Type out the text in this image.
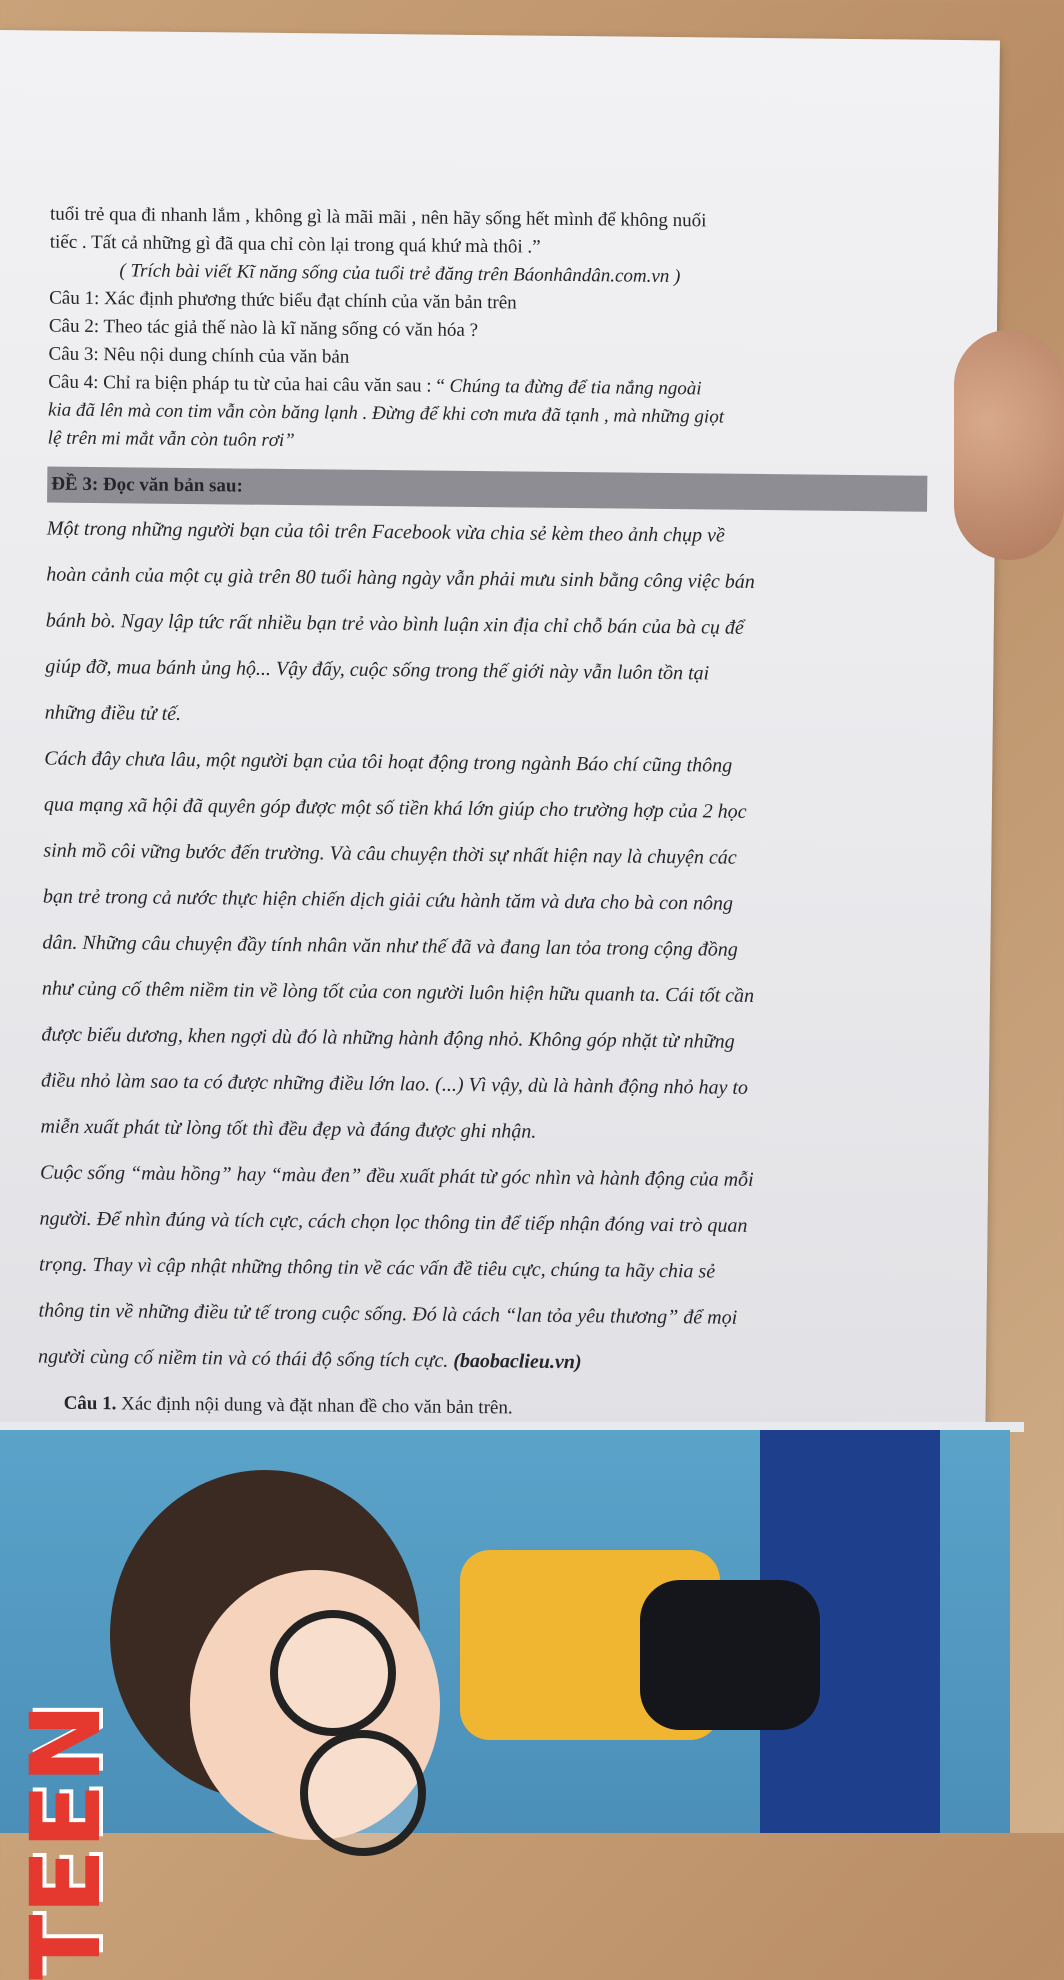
tuổi trẻ qua đi nhanh lắm , không gì là mãi mãi , nên hãy sống hết mình để không nuối

tiếc . Tất cả những gì đã qua chỉ còn lại trong quá khứ mà thôi .”

( Trích bài viết Kĩ năng sống của tuổi trẻ đăng trên Báonhândân.com.vn )

Câu 1: Xác định phương thức biểu đạt chính của văn bản trên

Câu 2: Theo tác giả thế nào là kĩ năng sống có văn hóa ?

Câu 3: Nêu nội dung chính của văn bản

Câu 4: Chỉ ra biện pháp tu từ của hai câu văn sau : “ Chúng ta đừng để tia nắng ngoài

kia đã lên mà con tim vẫn còn băng lạnh . Đừng để khi cơn mưa đã tạnh , mà những giọt

lệ trên mi mắt vẫn còn tuôn rơi”

ĐỀ 3: Đọc văn bản sau:

Một trong những người bạn của tôi trên Facebook vừa chia sẻ kèm theo ảnh chụp về

hoàn cảnh của một cụ già trên 80 tuổi hàng ngày vẫn phải mưu sinh bằng công việc bán

bánh bò. Ngay lập tức rất nhiều bạn trẻ vào bình luận xin địa chỉ chỗ bán của bà cụ để

giúp đỡ, mua bánh ủng hộ... Vậy đấy, cuộc sống trong thế giới này vẫn luôn tồn tại

những điều tử tế.

Cách đây chưa lâu, một người bạn của tôi hoạt động trong ngành Báo chí cũng thông

qua mạng xã hội đã quyên góp được một số tiền khá lớn giúp cho trường hợp của 2 học

sinh mồ côi vững bước đến trường. Và câu chuyện thời sự nhất hiện nay là chuyện các

bạn trẻ trong cả nước thực hiện chiến dịch giải cứu hành tăm và dưa cho bà con nông

dân. Những câu chuyện đầy tính nhân văn như thế đã và đang lan tỏa trong cộng đồng

như củng cố thêm niềm tin về lòng tốt của con người luôn hiện hữu quanh ta. Cái tốt cần

được biểu dương, khen ngợi dù đó là những hành động nhỏ. Không góp nhặt từ những

điều nhỏ làm sao ta có được những điều lớn lao. (...) Vì vậy, dù là hành động nhỏ hay to

miễn xuất phát từ lòng tốt thì đều đẹp và đáng được ghi nhận.

Cuộc sống “màu hồng” hay “màu đen” đều xuất phát từ góc nhìn và hành động của mỗi

người. Để nhìn đúng và tích cực, cách chọn lọc thông tin để tiếp nhận đóng vai trò quan

trọng. Thay vì cập nhật những thông tin về các vấn đề tiêu cực, chúng ta hãy chia sẻ

thông tin về những điều tử tế trong cuộc sống. Đó là cách “lan tỏa yêu thương” để mọi

người cùng cố niềm tin và có thái độ sống tích cực. (baobaclieu.vn)

Câu 1. Xác định nội dung và đặt nhan đề cho văn bản trên.

TEEN
